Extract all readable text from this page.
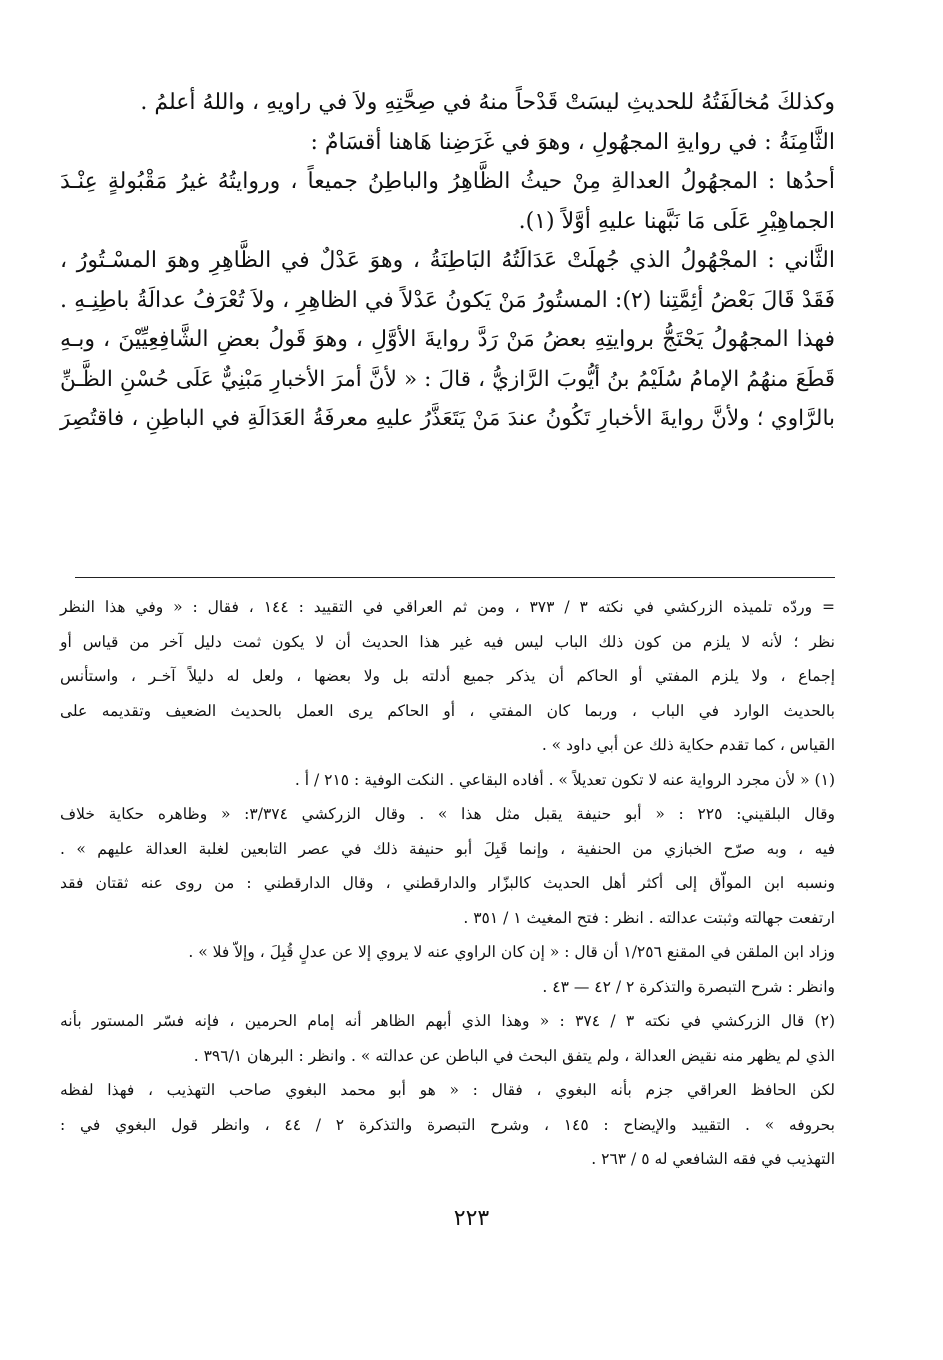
وكذلكَ مُخالَفَتُهُ للحديثِ ليسَتْ قَدْحاً منهُ في صِحَّتِهِ ولاَ في راويهِ ، واللهُ أعلمُ .
الثَّامِنَةُ : في روايةِ المجهُولِ ، وهوَ في غَرَضِنا هَاهنا أقسَامٌ :
أحدُها : المجهُولُ العدالةِ مِنْ حيثُ الظَّاهِرُ والباطِنُ جميعاً ، وروايتُهُ غيرُ مَقْبُولةٍ عِنْـدَ
الجماهِيْرِ عَلَى مَا نَبَّهنا عليهِ أوَّلاً (١).
الثَّاني : المجْهُولُ الذي جُهلَتْ عَدَالَتُهُ البَاطِنَةُ ، وهوَ عَدْلٌ في الظَّاهِرِ وهوَ المسْـتُورُ ،
فَقَدْ قَالَ بَعْضُ أئِمَّتِنا (٢): المستُورُ مَنْ يَكونُ عَدْلاً في الظاهِرِ ، ولاَ تُعْرَفُ عدالَةُ باطِنِـهِ .
فهذا المجهُولُ يَحْتَجُّ بروايتِهِ بعضُ مَنْ رَدَّ روايةَ الأوَّلِ ، وهوَ قَولُ بعضِ الشَّافِعِيِّيْنَ ، وبـهِ
قَطَعَ منهُمُ الإمامُ سُلَيْمُ بنُ أيُّوبَ الرَّازيُّ ، قالَ : « لأنَّ أمرَ الأخبارِ مَبْنِيٌّ عَلَى حُسْنِ الظَّـنِّ
بالرَّاوي ؛ ولأنَّ روايةَ الأخبارِ تَكُونُ عندَ مَنْ يَتَعَذَّرُ عليهِ معرفَةُ العَدَالَةِ في الباطِنِ ، فاقتُصِرَ
= وردّه تلميذه الزركشي في نكته ٣ / ٣٧٣ ، ومن ثم العراقي في التقييد : ١٤٤ ، فقال : « وفي هذا النظر
نظر ؛ لأنه لا يلزم من كون ذلك الباب ليس فيه غير هذا الحديث أن لا يكون ثمت دليل آخر من قياس أو
إجماع ، ولا يلزم المفتي أو الحاكم أن يذكر جميع أدلته بل ولا بعضها ، ولعل له دليلاً آخـر ، واستأنس
بالحديث الوارد في الباب ، وربما كان المفتي ، أو الحاكم يرى العمل بالحديث الضعيف وتقديمه على
القياس ، كما تقدم حكاية ذلك عن أبي داود » .
(١) « لأن مجرد الرواية عنه لا تكون تعديلاً » . أفاده البقاعي . النكت الوفية : ٢١٥ / أ .
وقال البلقيني: ٢٢٥ : « أبو حنيفة يقبل مثل هذا » . وقال الزركشي ٣/٣٧٤: « وظاهره حكاية خلاف
فيه ، وبه صرّح الخبازي من الحنفية ، وإنما قَبِلَ أبو حنيفة ذلك في عصر التابعين لغلبة العدالة عليهم » .
ونسبه ابن المواّق إلى أكثر أهل الحديث كالبزّار والدارقطني ، وقال الدارقطني : من روى عنه ثقتان فقد
ارتفعت جهالته وثبتت عدالته . انظر : فتح المغيث ١ / ٣٥١ .
وزاد ابن الملقن في المقنع ١/٢٥٦ أن قال : « إن كان الراوي عنه لا يروي إلا عن عدلٍ قُبِلَ ، وإلاّ فلا » .
وانظر : شرح التبصرة والتذكرة ٢ / ٤٢ — ٤٣ .
(٢) قال الزركشي في نكته ٣ / ٣٧٤ : « وهذا الذي أبهم الظاهر أنه إمام الحرمين ، فإنه فسّر المستور بأنه
الذي لم يظهر منه نقيض العدالة ، ولم يتفق البحث في الباطن عن عدالته » . وانظر : البرهان ٣٩٦/١ .
لكن الحافظ العراقي جزم بأنه البغوي ، فقال : « هو أبو محمد البغوي صاحب التهذيب ، فهذا لفظه
بحروفه » . التقييد والإيضاح : ١٤٥ ، وشرح التبصرة والتذكرة ٢ / ٤٤ ، وانظر قول البغوي في :
التهذيب في فقه الشافعي له ٥ / ٢٦٣ .
٢٢٣
